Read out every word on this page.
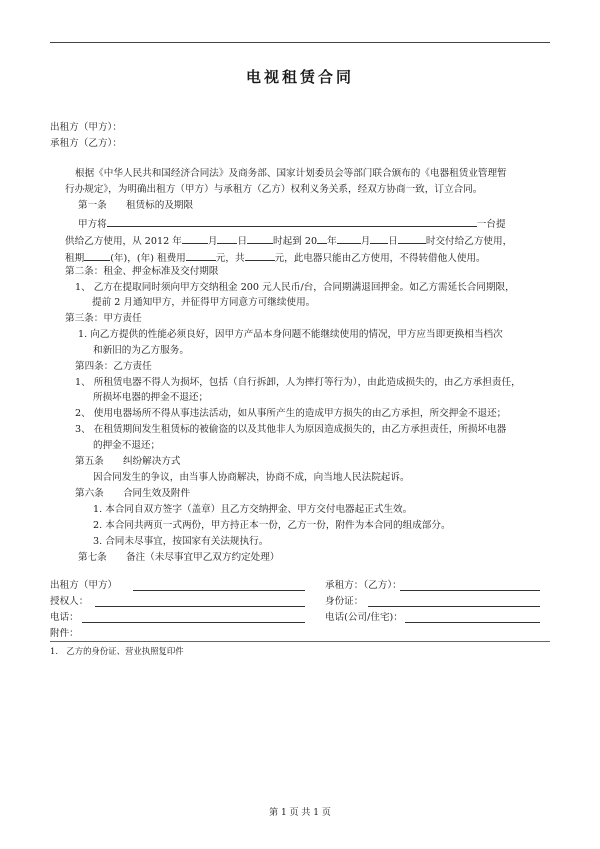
电视租赁合同
出租方（甲方）：
承租方（乙方）：
根据《中华人民共和国经济合同法》及商务部、国家计划委员会等部门联合颁布的《电器租赁业管理暂
行办规定》，为明确出租方（甲方）与承租方（乙方）权利义务关系，经双方协商一致，订立合同。
第一条　　租赁标的及期限
甲方将	一台提
供给乙方使用，从 2012 年	月 日	时起到 20 年	月 日	时交付给乙方使用，
租期	(年)，(年) 租费用	元，共	元，此电器只能由乙方使用，不得转借他人使用。
第二条：租金、押金标准及交付期限
1、 乙方在提取同时须向甲方交纳租金 200 元人民币/台，合同期满退回押金。如乙方需延长合同期限，
提前 2 月通知甲方，并征得甲方同意方可继续使用。
第三条：甲方责任
1. 向乙方提供的性能必须良好，因甲方产品本身问题不能继续使用的情况，甲方应当即更换相当档次
和新旧的为乙方服务。
第四条：乙方责任
1、 所租赁电器不得人为损坏，包括（自行拆卸，人为摔打等行为），由此造成损失的，由乙方承担责任，
所损坏电器的押金不退还；
2、 使用电器场所不得从事违法活动，如从事所产生的造成甲方损失的由乙方承担，所交押金不退还；
3、 在租赁期间发生租赁标的被偷盗的以及其他非人为原因造成损失的，由乙方承担责任，所损坏电器
的押金不退还；
第五条　　纠纷解决方式
因合同发生的争议，由当事人协商解决，协商不成，向当地人民法院起诉。
第六条　　合同生效及附件
1. 本合同自双方签字（盖章）且乙方交纳押金、甲方交付电器起正式生效。
2. 本合同共两页一式两份，甲方持正本一份，乙方一份，附件为本合同的组成部分。
3. 合同未尽事宜，按国家有关法规执行。
第七条　　备注（未尽事宜甲乙双方约定处理）
出租方（甲方）	承租方：（乙方）：
授权人：	身份证：
电话：	电话(公司/住宅)：
附件：
1.　乙方的身份证、营业执照复印件
第 1 页 共 1 页
